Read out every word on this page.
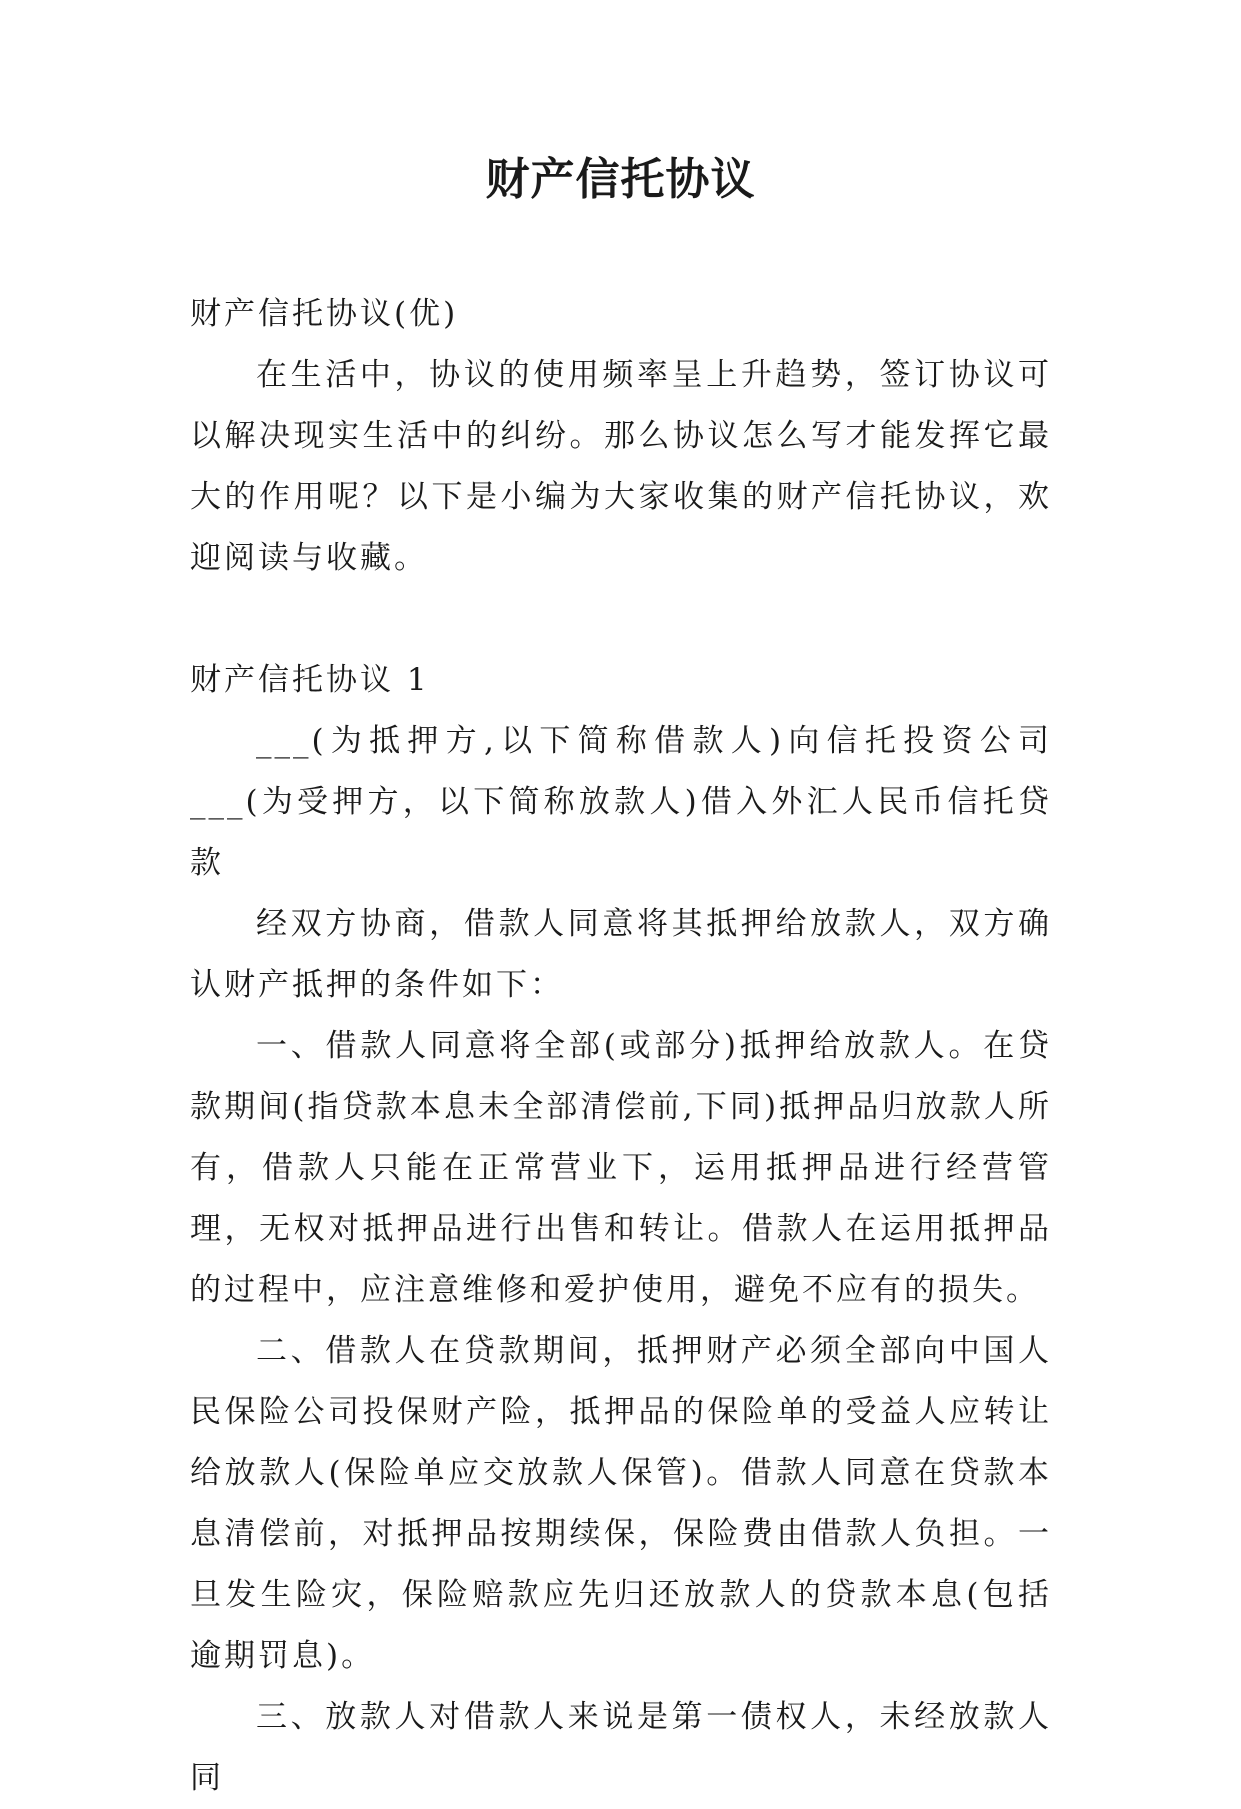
财产信托协议

财产信托协议(优)

在生活中，协议的使用频率呈上升趋势，签订协议可以解决现实生活中的纠纷。那么协议怎么写才能发挥它最大的作用呢？以下是小编为大家收集的财产信托协议，欢迎阅读与收藏。

财产信托协议 1

___(为抵押方,以下简称借款人)向信托投资公司___(为受押方，以下简称放款人)借入外汇人民币信托贷款

经双方协商，借款人同意将其抵押给放款人，双方确认财产抵押的条件如下：

一、借款人同意将全部(或部分)抵押给放款人。在贷款期间(指贷款本息未全部清偿前,下同)抵押品归放款人所有，借款人只能在正常营业下，运用抵押品进行经营管理，无权对抵押品进行出售和转让。借款人在运用抵押品的过程中，应注意维修和爱护使用，避免不应有的损失。

二、借款人在贷款期间，抵押财产必须全部向中国人民保险公司投保财产险，抵押品的保险单的受益人应转让给放款人(保险单应交放款人保管)。借款人同意在贷款本息清偿前，对抵押品按期续保，保险费由借款人负担。一旦发生险灾，保险赔款应先归还放款人的贷款本息(包括逾期罚息)。

三、放款人对借款人来说是第一债权人，未经放款人同
